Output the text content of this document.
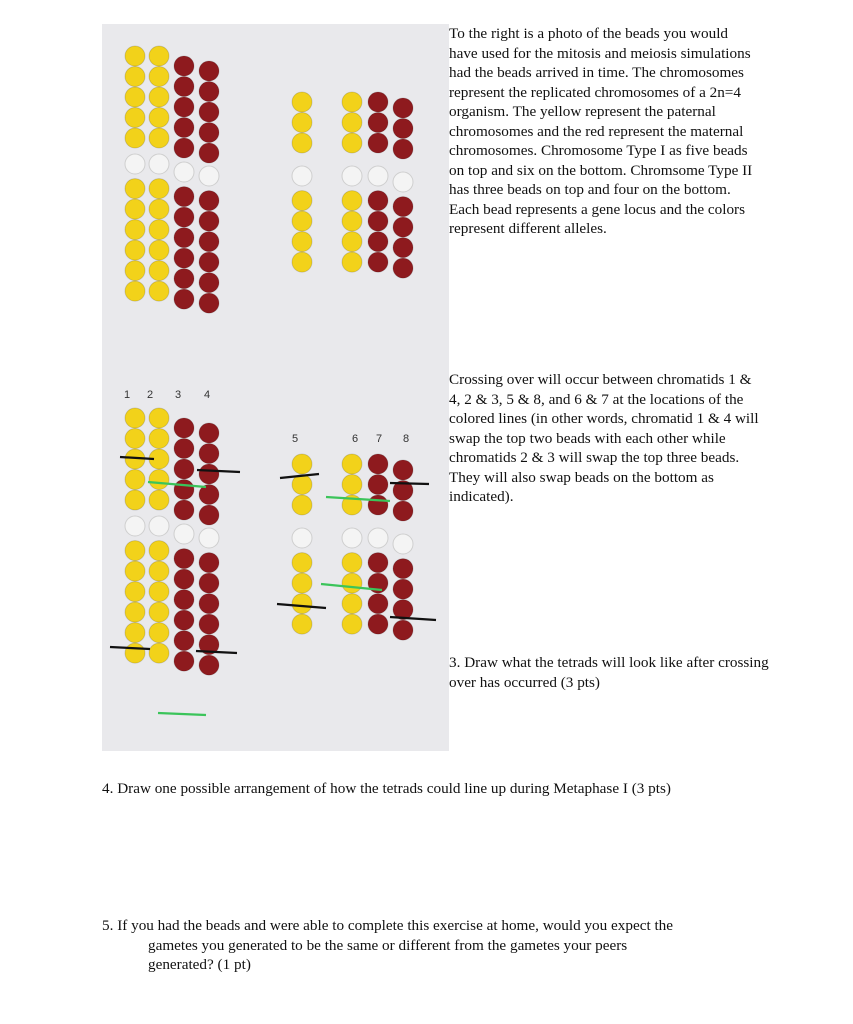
1 2 3 4
5	6 7 8

To the right is a photo of the beads you would have used for the mitosis and meiosis simulations had the beads arrived in time. The chromosomes represent the replicated chromosomes of a 2n=4 organism. The yellow represent the paternal chromosomes and the red represent the maternal chromosomes. Chromosome Type I as five beads on top and six on the bottom. Chromsome Type II has three beads on top and four on the bottom. Each bead represents a gene locus and the colors represent different alleles.

Crossing over will occur between chromatids 1 & 4, 2 & 3, 5 & 8, and 6 & 7 at the locations of the colored lines (in other words, chromatid 1 & 4 will swap the top two beads with each other while chromatids 2 & 3 will swap the top three beads. They will also swap beads on the bottom as indicated).

3. Draw what the tetrads will look like after crossing over has occurred (3 pts)

4. Draw one possible arrangement of how the tetrads could line up during Metaphase I (3 pts)

5. If you had the beads and were able to complete this exercise at home, would you expect the

gametes you generated to be the same or different from the gametes your peers
generated? (1 pt)
